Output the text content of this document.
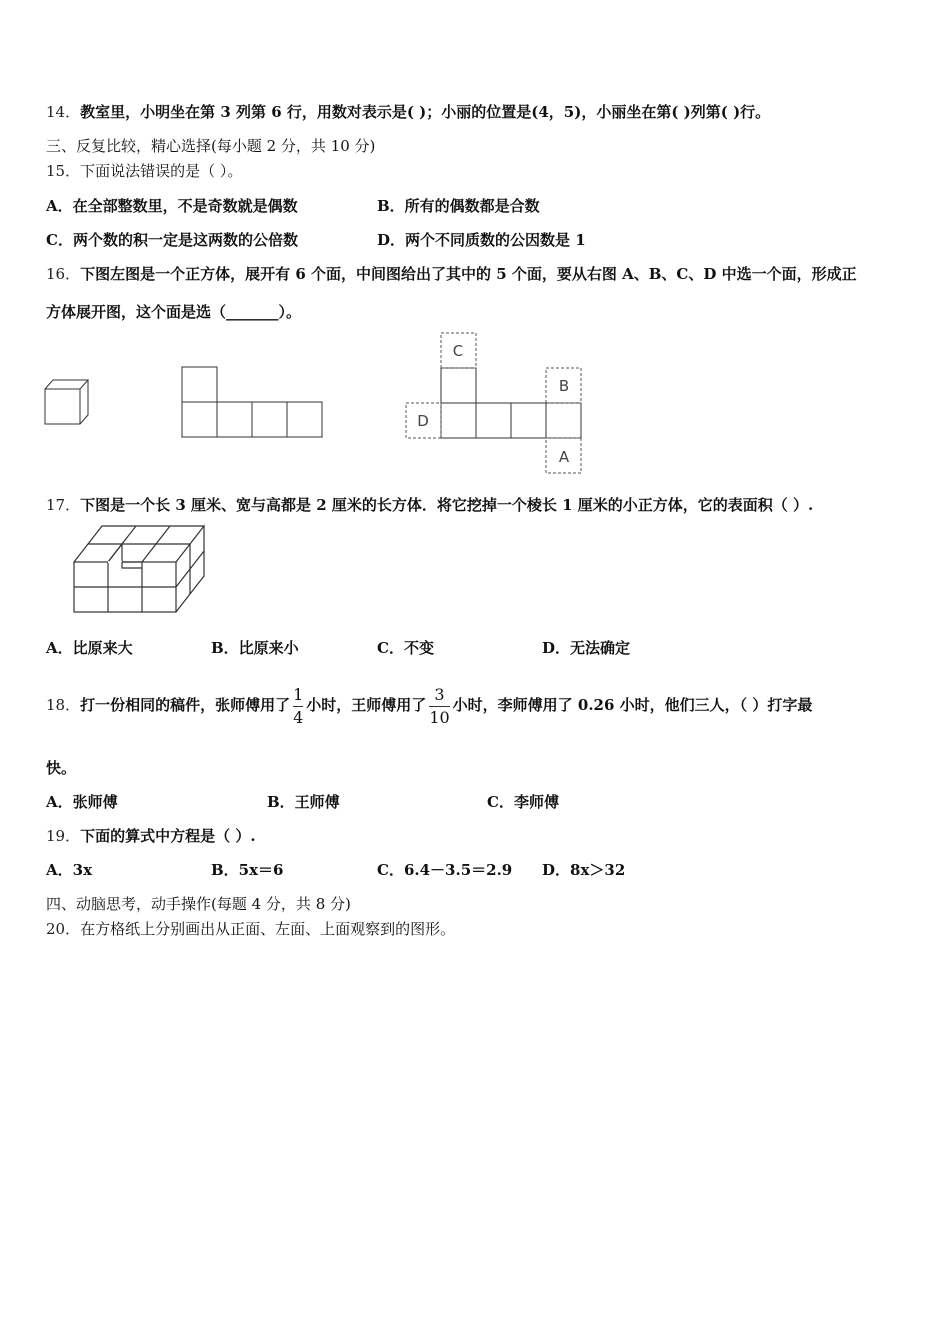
14．教室里，小明坐在第 3 列第 6 行，用数对表示是( )；小丽的位置是(4，5)，小丽坐在第( )列第( )行。
三、反复比较，精心选择(每小题 2 分，共 10 分)
15．下面说法错误的是（ ）。
A．在全部整数里，不是奇数就是偶数	B．所有的偶数都是合数
C．两个数的积一定是这两数的公倍数	D．两个不同质数的公因数是 1
16．下图左图是一个正方体，展开有 6 个面，中间图给出了其中的 5 个面，要从右图 A、B、C、D 中选一个面，形成正
方体展开图，这个面是选（_______）。
C
B
D
A
17．下图是一个长 3 厘米、宽与高都是 2 厘米的长方体．将它挖掉一个棱长 1 厘米的小正方体，它的表面积（ ）.
A．比原来大	B．比原来小	C．不变	D．无法确定
18．打一份相同的稿件，张师傅用了 $\frac{1}{4}$ 小时，王师傅用了 $\frac{3}{10}$ 小时，李师傅用了 0.26 小时，他们三人，（ ）打字最
快。
A．张师傅	B．王师傅	C．李师傅
19．下面的算式中方程是（ ）.
A．3x	B．5x＝6	C．6.4－3.5＝2.9 D．8x＞32
四、动脑思考，动手操作(每题 4 分，共 8 分)
20．在方格纸上分别画出从正面、左面、上面观察到的图形。
